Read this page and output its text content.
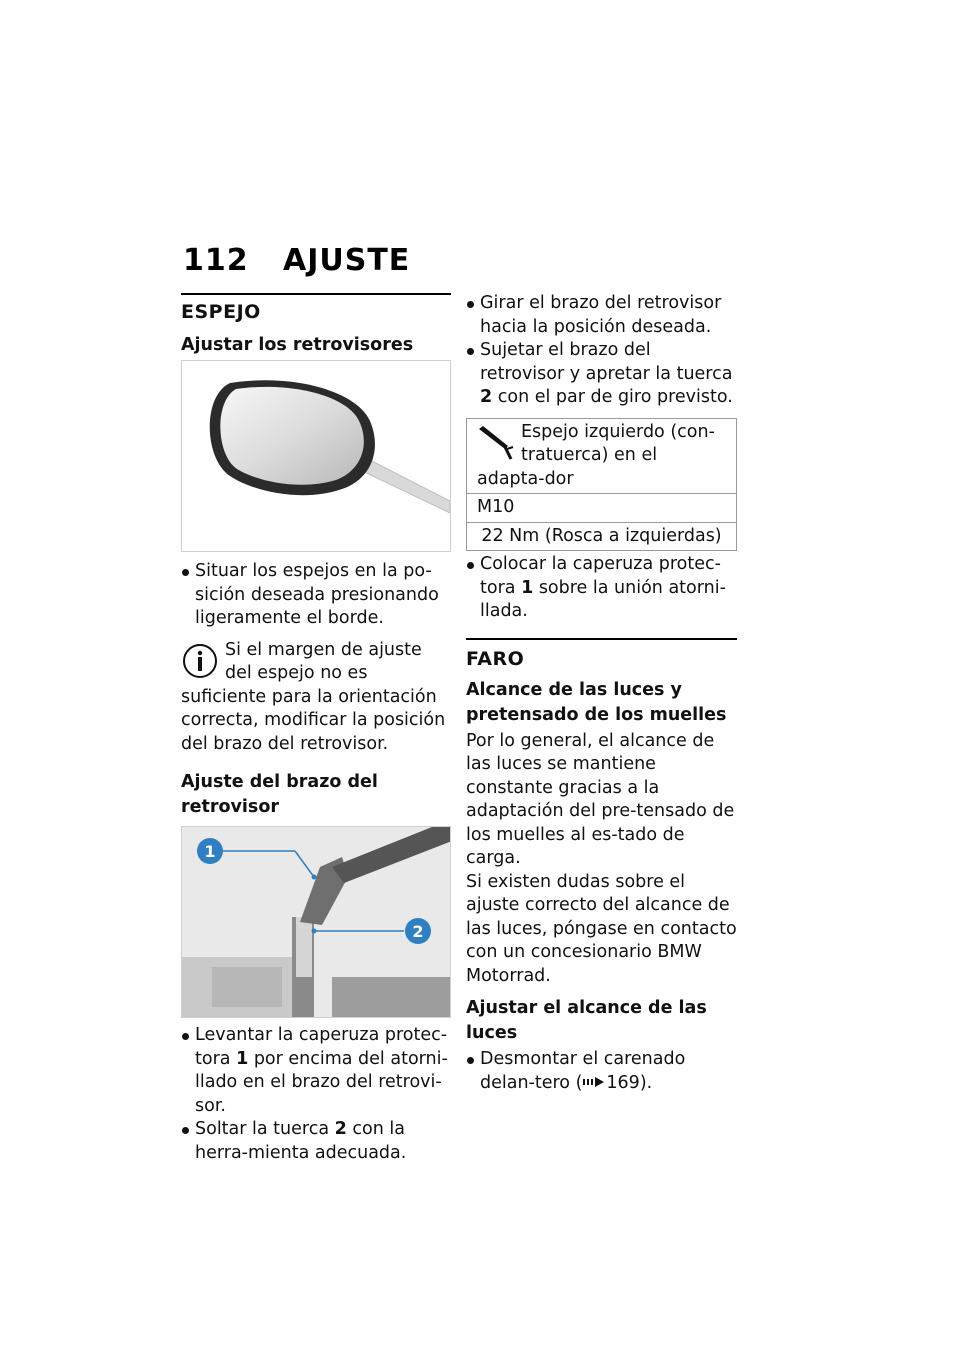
112 AJUSTE
ESPEJO
Ajustar los retrovisores
Situar los espejos en la po-sición deseada presionando ligeramente el borde.
Si el margen de ajuste del espejo no es suficiente para la orientación correcta, modificar la posición del brazo del retrovisor.
Ajuste del brazo del retrovisor
1
2
Levantar la caperuza protec-tora 1 por encima del atorni-llado en el brazo del retrovi-sor.
Soltar la tuerca 2 con la herra-mienta adecuada.
Girar el brazo del retrovisor hacia la posición deseada.
Sujetar el brazo del retrovisor y apretar la tuerca 2 con el par de giro previsto.
Espejo izquierdo (con-tratuerca) en el adapta-dor
M10
22 Nm (Rosca a izquierdas)
Colocar la caperuza protec-tora 1 sobre la unión atorni-llada.
FARO
Alcance de las luces y pretensado de los muelles
Por lo general, el alcance de las luces se mantiene constante gracias a la adaptación del pre-tensado de los muelles al es-tado de carga.
Si existen dudas sobre el ajuste correcto del alcance de las luces, póngase en contacto con un concesionario BMW Motorrad.
Ajustar el alcance de las luces
Desmontar el carenado delan-tero ( 169).
